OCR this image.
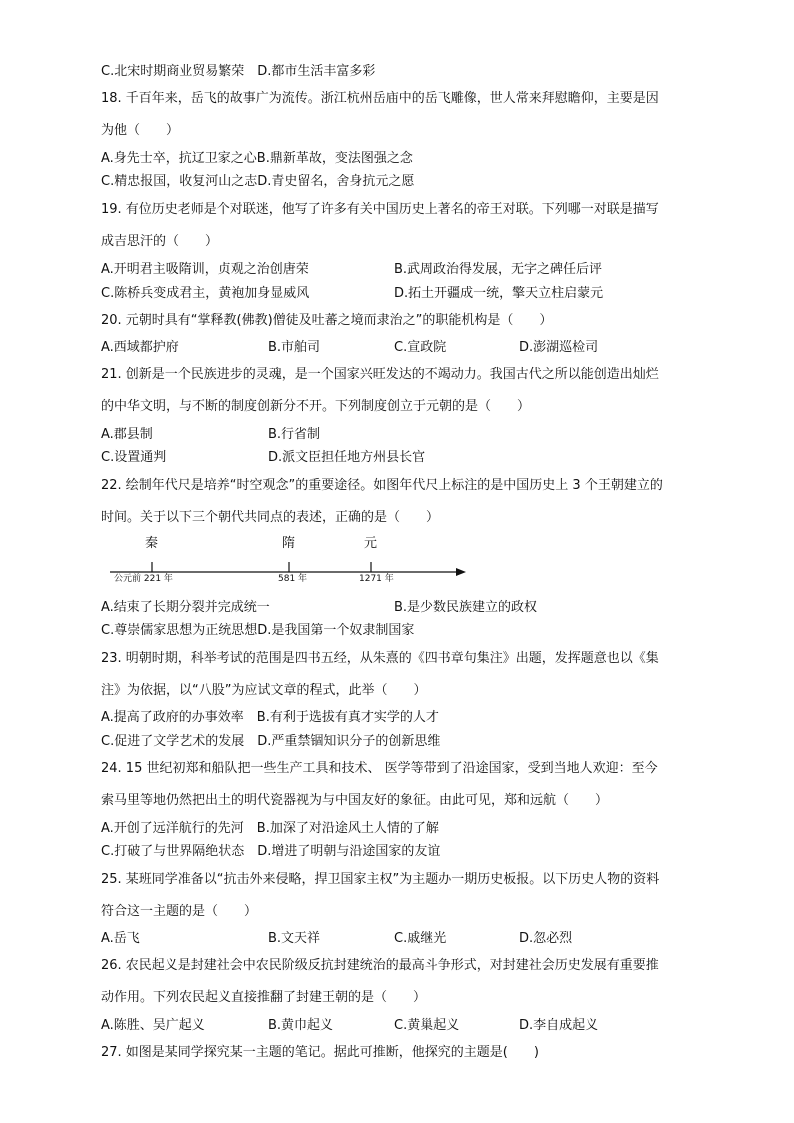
C.北宋时期商业贸易繁荣　D.都市生活丰富多彩
18. 千百年来，岳飞的故事广为流传。浙江杭州岳庙中的岳飞雕像，世人常来拜慰瞻仰，主要是因
为他（　　）
A.身先士卒，抗辽卫家之心B.鼎新革故，变法图强之念
C.精忠报国，收复河山之志D.青史留名，舍身抗元之愿
19. 有位历史老师是个对联迷，他写了许多有关中国历史上著名的帝王对联。下列哪一对联是描写
成吉思汗的（　　）
A.开明君主吸隋训，贞观之治创唐荣	B.武周政治得发展，无字之碑任后评
C.陈桥兵变成君主，黄袍加身显威风	D.拓土开疆成一统，擎天立柱启蒙元
20. 元朝时具有“掌释教(佛教)僧徒及吐蕃之境而隶治之”的职能机构是（　　）
A.西域都护府	B.市舶司	C.宣政院	D.澎湖巡检司
21. 创新是一个民族进步的灵魂，是一个国家兴旺发达的不竭动力。我国古代之所以能创造出灿烂
的中华文明，与不断的制度创新分不开。下列制度创立于元朝的是（　　）
A.郡县制	B.行省制
C.设置通判	D.派文臣担任地方州县长官
22. 绘制年代尺是培养“时空观念”的重要途径。如图年代尺上标注的是中国历史上 3 个王朝建立的
时间。关于以下三个朝代共同点的表述，正确的是（　　）
秦	隋	元
公元前 221 年	581 年	1271 年
A.结束了长期分裂并完成统一	B.是少数民族建立的政权
C.尊崇儒家思想为正统思想D.是我国第一个奴隶制国家
23. 明朝时期，科举考试的范围是四书五经，从朱熹的《四书章句集注》出题，发挥题意也以《集
注》为依据，以“八股”为应试文章的程式，此举（　　）
A.提高了政府的办事效率　B.有利于选拔有真才实学的人才
C.促进了文学艺术的发展　D.严重禁锢知识分子的创新思维
24. 15 世纪初郑和船队把一些生产工具和技术、 医学等带到了沿途国家，受到当地人欢迎：至今
索马里等地仍然把出土的明代瓷器视为与中国友好的象征。由此可见，郑和远航（　　）
A.开创了远洋航行的先河　B.加深了对沿途风土人情的了解
C.打破了与世界隔绝状态　D.增进了明朝与沿途国家的友谊
25. 某班同学准备以“抗击外来侵略，捍卫国家主权”为主题办一期历史板报。以下历史人物的资料
符合这一主题的是（　　）
A.岳飞	B.文天祥	C.戚继光	D.忽必烈
26. 农民起义是封建社会中农民阶级反抗封建统治的最高斗争形式，对封建社会历史发展有重要推
动作用。下列农民起义直接推翻了封建王朝的是（　　）
A.陈胜、吴广起义	B.黄巾起义	C.黄巢起义	D.李自成起义
27. 如图是某同学探究某一主题的笔记。据此可推断，他探究的主题是(　　)
